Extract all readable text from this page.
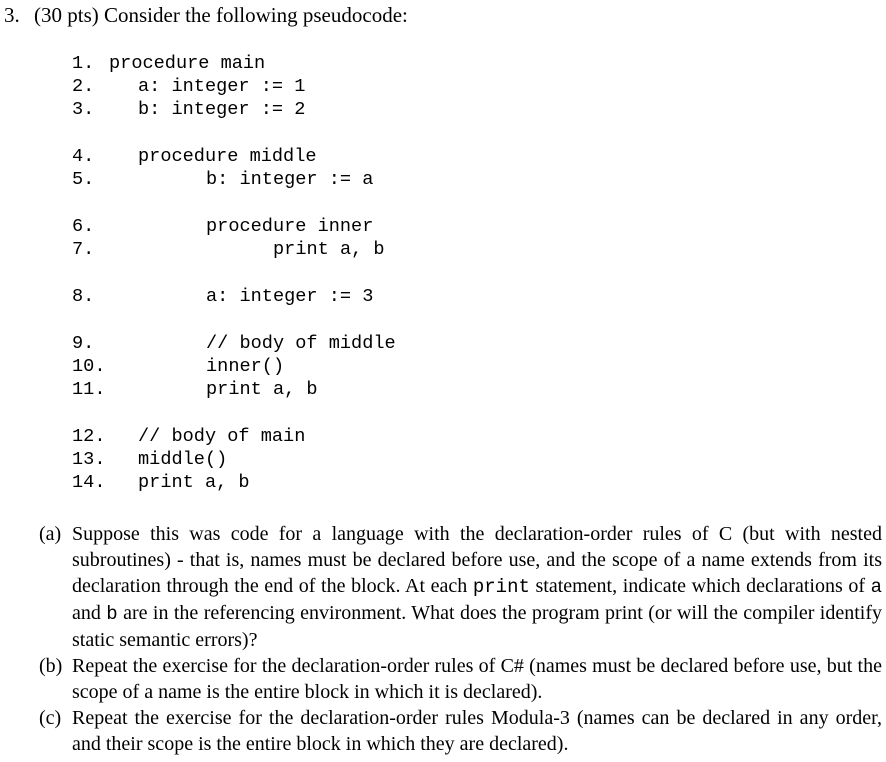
3. (30 pts) Consider the following pseudocode:
1. procedure main
2. a: integer := 1
3. b: integer := 2
4. procedure middle
5.	b: integer := a
6.	procedure inner
7.	print a, b
8.	a: integer := 3
9.	// body of middle
10.	inner()
11.	print a, b
12. // body of main
13. middle()
14. print a, b
(a) Suppose this was code for a language with the declaration-order rules of C (but with nested subroutines) - that is, names must be declared before use, and the scope of a name extends from its declaration through the end of the block. At each print statement, indicate which declarations of a and b are in the referencing environment. What does the program print (or will the compiler identify static semantic errors)?
(b) Repeat the exercise for the declaration-order rules of C# (names must be declared before use, but the scope of a name is the entire block in which it is declared).
(c) Repeat the exercise for the declaration-order rules Modula-3 (names can be declared in any order, and their scope is the entire block in which they are declared).
